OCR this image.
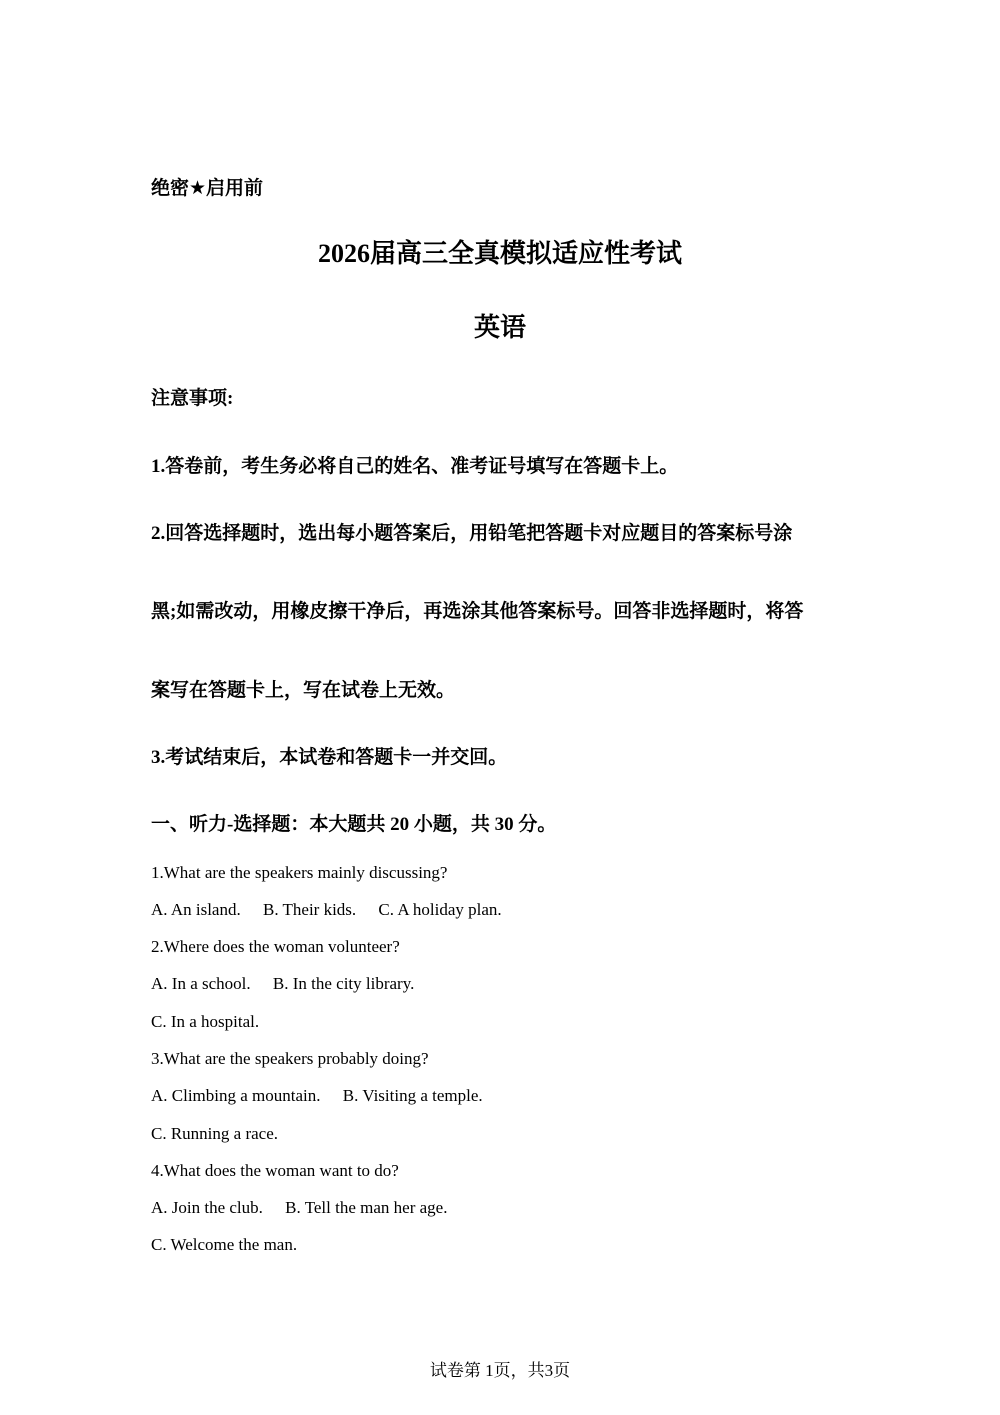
绝密★启用前
2026届高三全真模拟适应性考试
英语
注意事项:
1.答卷前，考生务必将自己的姓名、准考证号填写在答题卡上。
2.回答选择题时，选出每小题答案后，用铅笔把答题卡对应题目的答案标号涂
黑;如需改动，用橡皮擦干净后，再选涂其他答案标号。回答非选择题时，将答
案写在答题卡上，写在试卷上无效。
3.考试结束后，本试卷和答题卡一并交回。
一、听力-选择题：本大题共 20 小题，共 30 分。
1.What are the speakers mainly discussing?
A. An island. B. Their kids. C. A holiday plan.
2.Where does the woman volunteer?
A. In a school. B. In the city library.
C. In a hospital.
3.What are the speakers probably doing?
A. Climbing a mountain. B. Visiting a temple.
C. Running a race.
4.What does the woman want to do?
A. Join the club. B. Tell the man her age.
C. Welcome the man.
试卷第 1页，共3页
